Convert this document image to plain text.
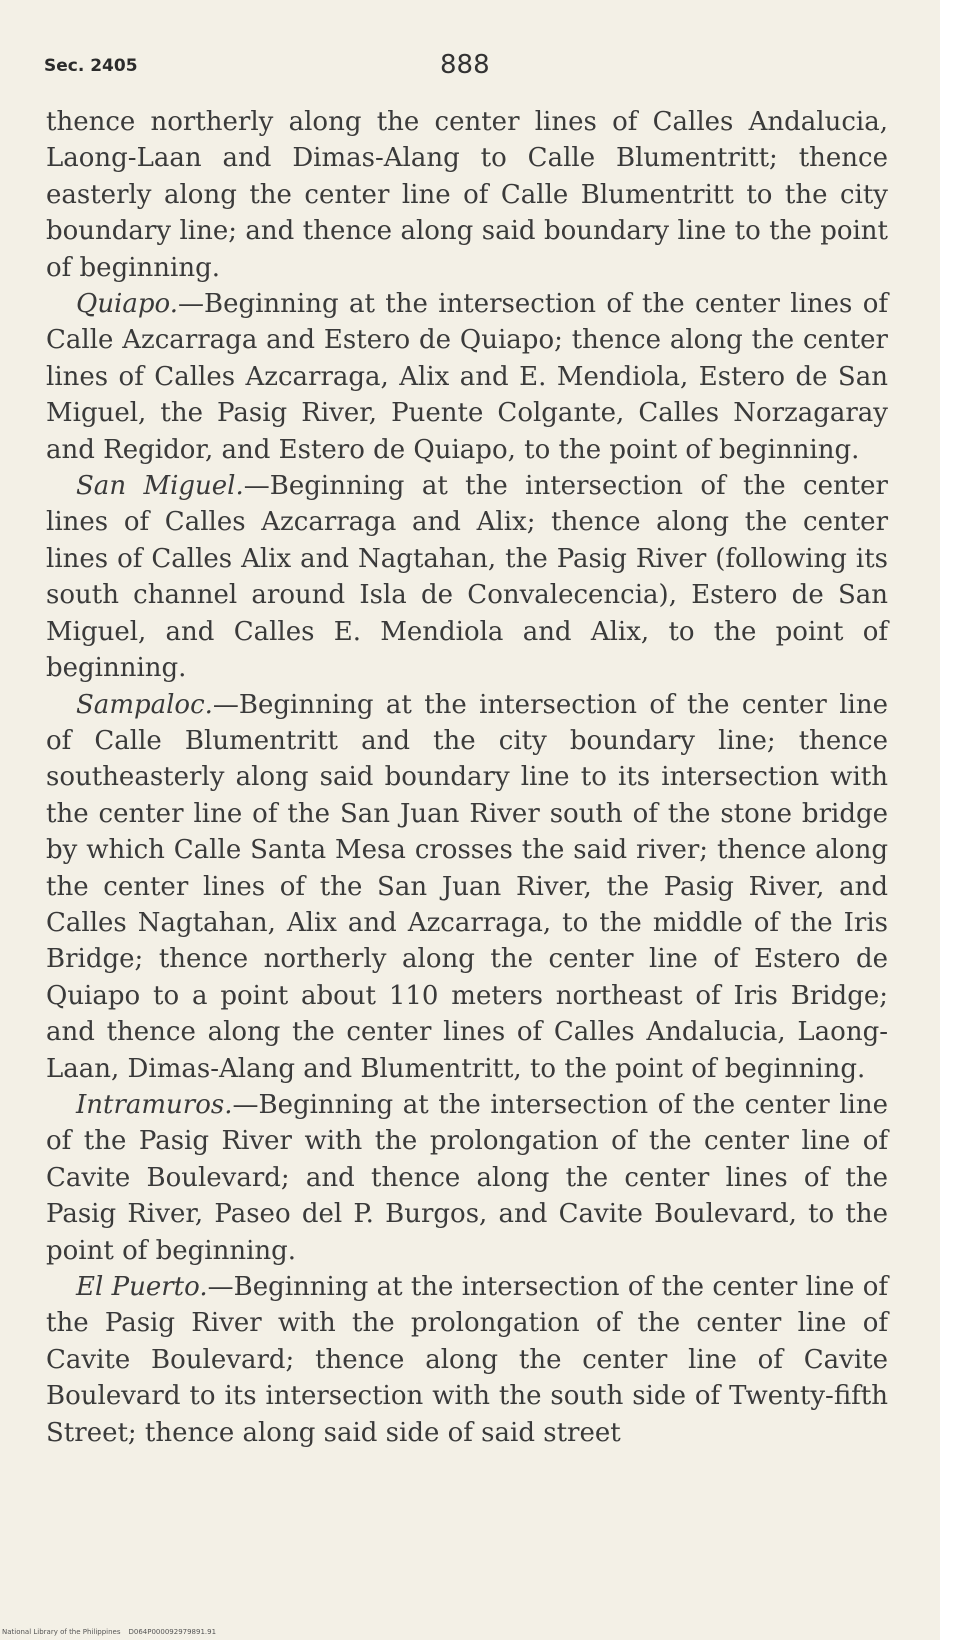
Sec. 2405	888

thence northerly along the center lines of Calles Andalucia, Laong-Laan and Dimas-Alang to Calle Blumentritt; thence easterly along the center line of Calle Blumentritt to the city boundary line; and thence along said boundary line to the point of beginning.

Quiapo.—Beginning at the intersection of the center lines of Calle Azcarraga and Estero de Quiapo; thence along the center lines of Calles Azcarraga, Alix and E. Mendiola, Estero de San Miguel, the Pasig River, Puente Colgante, Calles Norzagaray and Regidor, and Estero de Quiapo, to the point of beginning.

San Miguel.—Beginning at the intersection of the center lines of Calles Azcarraga and Alix; thence along the center lines of Calles Alix and Nagtahan, the Pasig River (following its south channel around Isla de Convalecencia), Estero de San Miguel, and Calles E. Mendiola and Alix, to the point of beginning.

Sampaloc.—Beginning at the intersection of the center line of Calle Blumentritt and the city boundary line; thence southeasterly along said boundary line to its intersection with the center line of the San Juan River south of the stone bridge by which Calle Santa Mesa crosses the said river; thence along the center lines of the San Juan River, the Pasig River, and Calles Nagtahan, Alix and Azcarraga, to the middle of the Iris Bridge; thence northerly along the center line of Estero de Quiapo to a point about 110 meters northeast of Iris Bridge; and thence along the center lines of Calles Andalucia, Laong-Laan, Dimas-Alang and Blumentritt, to the point of beginning.

Intramuros.—Beginning at the intersection of the center line of the Pasig River with the prolongation of the center line of Cavite Boulevard; and thence along the center lines of the Pasig River, Paseo del P. Burgos, and Cavite Boulevard, to the point of beginning.

El Puerto.—Beginning at the intersection of the center line of the Pasig River with the prolongation of the center line of Cavite Boulevard; thence along the center line of Cavite Boulevard to its intersection with the south side of Twenty-fifth Street; thence along said side of said street

National Library of the Philippines D064P000092979891.91
